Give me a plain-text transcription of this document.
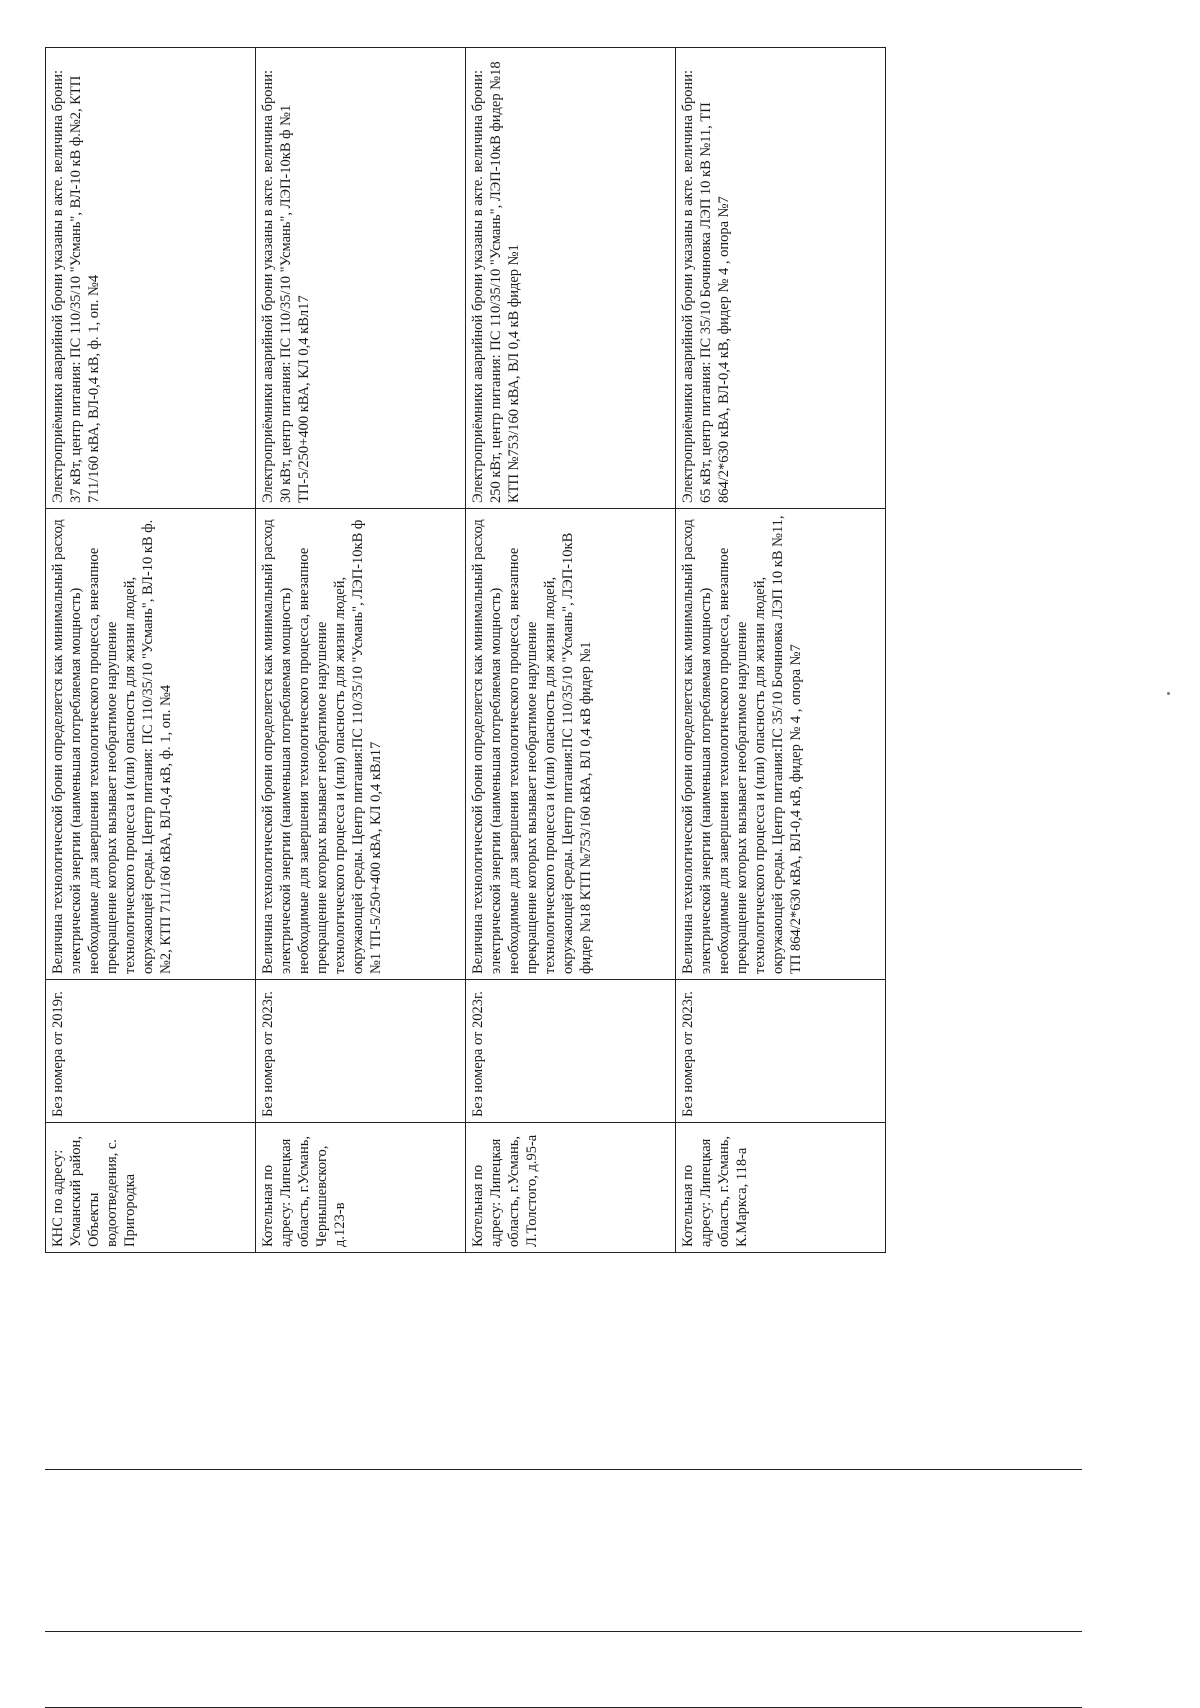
КНС по адресу: Усманский район, Объекты водоотведения, с. Пригородка	Без номера от 2019г.	Величина технологической брони определяется как минимальный расход электрической энергии (наименьшая потребляемая мощность) необходимые для завершения технологического процесса, внезапное прекращение которых вызывает необратимое нарушение технологического процесса и (или) опасность для жизни людей, окружающей среды. Центр питания: ПС 110/35/10 "Усмань", ВЛ-10 кВ ф.№2, КТП 711/160 кВА, ВЛ-0,4 кВ, ф. 1, оп. №4	Электроприёмники аварийной брони указаны в акте. величина брони: 37 кВт, центр питания: ПС 110/35/10 "Усмань", ВЛ-10 кВ ф.№2, КТП 711/160 кВА, ВЛ-0,4 кВ, ф. 1, оп. №4
Котельная по адресу: Липецкая область, г.Усмань, Чернышевского, д.123-в	Без номера от 2023г.	Величина технологической брони определяется как минимальный расход электрической энергии (наименьшая потребляемая мощность) необходимые для завершения технологического процесса, внезапное прекращение которых вызывает необратимое нарушение технологического процесса и (или) опасность для жизни людей, окружающей среды. Центр питания:ПС 110/35/10 "Усмань", ЛЭП-10кВ ф №1 ТП-5/250+400 кВА, КЛ 0,4 кВл17	Электроприёмники аварийной брони указаны в акте. величина брони: 30 кВт, центр питания: ПС 110/35/10 "Усмань", ЛЭП-10кВ ф №1 ТП-5/250+400 кВА, КЛ 0,4 кВл17
Котельная по адресу: Липецкая область, г.Усмань, Л.Толстого, д.95-а	Без номера от 2023г.	Величина технологической брони определяется как минимальный расход электрической энергии (наименьшая потребляемая мощность) необходимые для завершения технологического процесса, внезапное прекращение которых вызывает необратимое нарушение технологического процесса и (или) опасность для жизни людей, окружающей среды. Центр питания:ПС 110/35/10 "Усмань", ЛЭП-10кВ фидер №18 КТП №753/160 кВА, ВЛ 0,4 кВ фидер №1	Электроприёмники аварийной брони указаны в акте. величина брони: 250 кВт, центр питания: ПС 110/35/10 "Усмань", ЛЭП-10кВ фидер №18 КТП №753/160 кВА, ВЛ 0,4 кВ фидер №1
Котельная по адресу: Липецкая область, г.Усмань, К.Маркса, 118-а	Без номера от 2023г.	Величина технологической брони определяется как минимальный расход электрической энергии (наименьшая потребляемая мощность) необходимые для завершения технологического процесса, внезапное прекращение которых вызывает необратимое нарушение технологического процесса и (или) опасность для жизни людей, окружающей среды. Центр питания:ПС 35/10 Бочиновка ЛЭП 10 кВ №11, ТП 864/2*630 кВА, ВЛ-0,4 кВ, фидер № 4 , опора №7	Электроприёмники аварийной брони указаны в акте. величина брони: 65 кВт, центр питания: ПС 35/10 Бочиновка ЛЭП 10 кВ №11, ТП 864/2*630 кВА, ВЛ-0,4 кВ, фидер № 4 , опора №7
